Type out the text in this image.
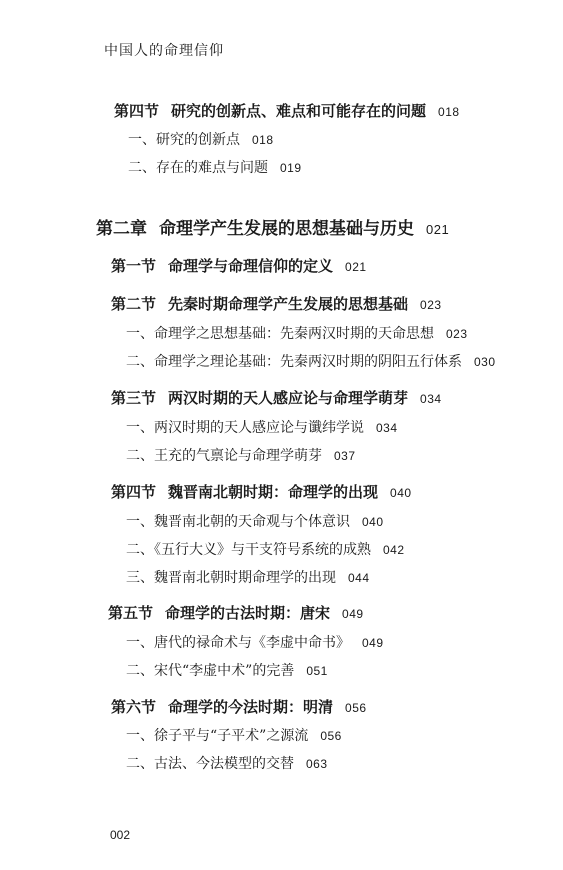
中国人的命理信仰
第四节 研究的创新点、难点和可能存在的问题 018
一、研究的创新点 018
二、存在的难点与问题 019
第二章 命理学产生发展的思想基础与历史 021
第一节 命理学与命理信仰的定义 021
第二节 先秦时期命理学产生发展的思想基础 023
一、命理学之思想基础：先秦两汉时期的天命思想 023
二、命理学之理论基础：先秦两汉时期的阴阳五行体系 030
第三节 两汉时期的天人感应论与命理学萌芽 034
一、两汉时期的天人感应论与谶纬学说 034
二、王充的气禀论与命理学萌芽 037
第四节 魏晋南北朝时期：命理学的出现 040
一、魏晋南北朝的天命观与个体意识 040
二、《五行大义》与干支符号系统的成熟 042
三、魏晋南北朝时期命理学的出现 044
第五节 命理学的古法时期：唐宋 049
一、唐代的禄命术与《李虚中命书》 049
二、宋代“李虚中术”的完善 051
第六节 命理学的今法时期：明清 056
一、徐子平与“子平术”之源流 056
二、古法、今法模型的交替 063
002
